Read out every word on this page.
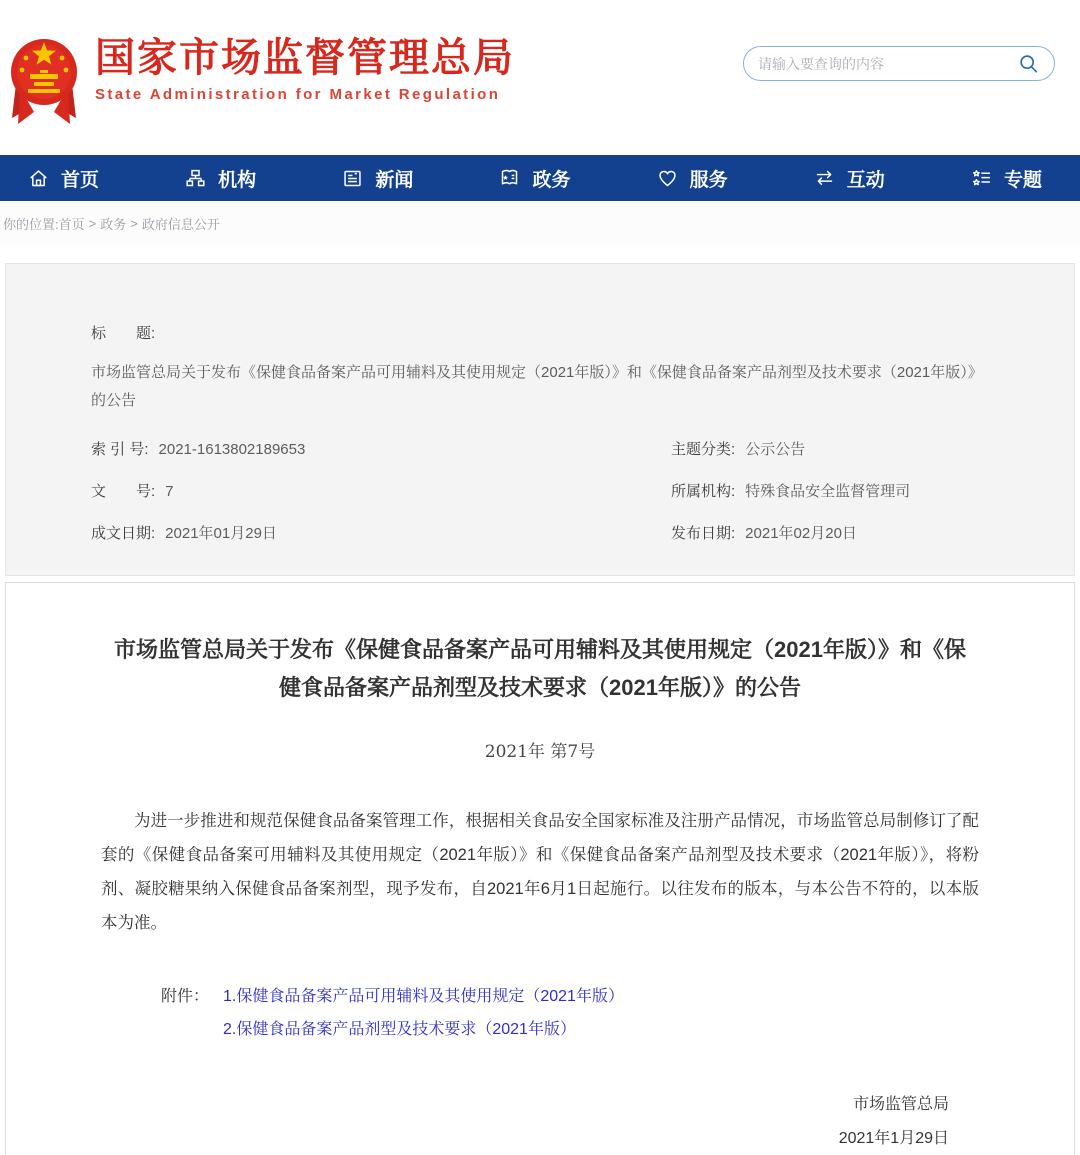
国家市场监督管理总局
State Administration for Market Regulation
请输入要查询的内容
首页	机构	新闻	政务	服务	互动	专题
你的位置: 首页 > 政务 > 政府信息公开
标　　题:
市场监管总局关于发布《保健食品备案产品可用辅料及其使用规定（2021年版）》和《保健食品备案产品剂型及技术要求（2021年版）》的公告
索 引 号: 2021-1613802189653	主题分类: 公示公告
文　　号: 7	所属机构: 特殊食品安全监督管理司
成文日期: 2021年01月29日	发布日期: 2021年02月20日
市场监管总局关于发布《保健食品备案产品可用辅料及其使用规定（2021年版）》和《保健食品备案产品剂型及技术要求（2021年版）》的公告
2021年 第7号

为进一步推进和规范保健食品备案管理工作，根据相关食品安全国家标准及注册产品情况，市场监管总局制修订了配套的《保健食品备案可用辅料及其使用规定（2021年版）》和《保健食品备案产品剂型及技术要求（2021年版）》，将粉剂、凝胶糖果纳入保健食品备案剂型，现予发布，自2021年6月1日起施行。以往发布的版本，与本公告不符的，以本版本为准。

附件： 1.保健食品备案产品可用辅料及其使用规定（2021年版）
2.保健食品备案产品剂型及技术要求（2021年版）
市场监管总局
2021年1月29日
